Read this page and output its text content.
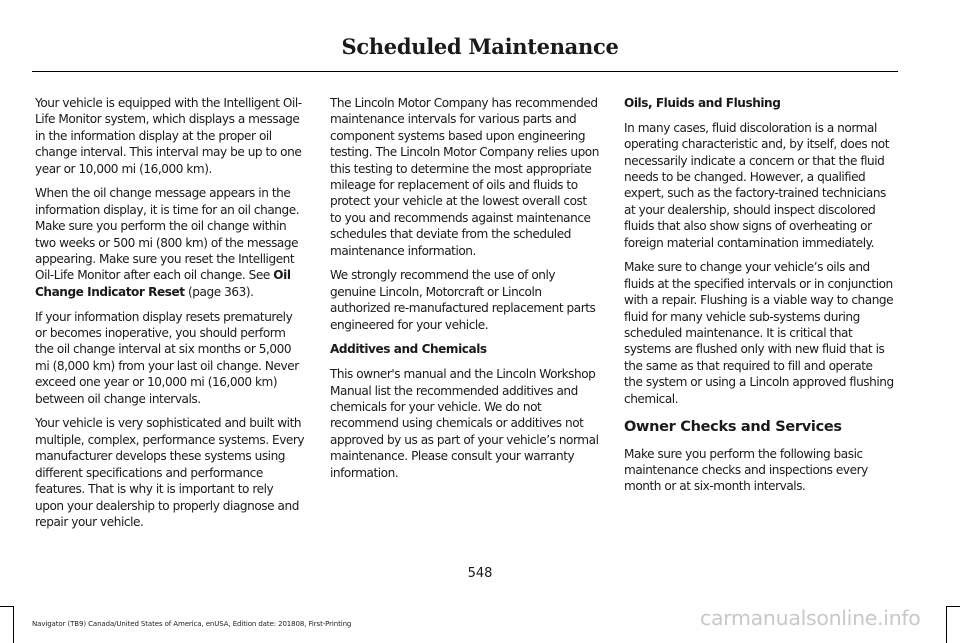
Scheduled Maintenance

Your vehicle is equipped with the Intelligent Oil-Life Monitor system, which displays a message in the information display at the proper oil change interval. This interval may be up to one year or 10,000 mi (16,000 km).

When the oil change message appears in the information display, it is time for an oil change. Make sure you perform the oil change within two weeks or 500 mi (800 km) of the message appearing. Make sure you reset the Intelligent Oil-Life Monitor after each oil change. See Oil Change Indicator Reset (page 363).

If your information display resets prematurely or becomes inoperative, you should perform the oil change interval at six months or 5,000 mi (8,000 km) from your last oil change. Never exceed one year or 10,000 mi (16,000 km) between oil change intervals.

Your vehicle is very sophisticated and built with multiple, complex, performance systems. Every manufacturer develops these systems using different specifications and performance features. That is why it is important to rely upon your dealership to properly diagnose and repair your vehicle.

The Lincoln Motor Company has recommended maintenance intervals for various parts and component systems based upon engineering testing. The Lincoln Motor Company relies upon this testing to determine the most appropriate mileage for replacement of oils and fluids to protect your vehicle at the lowest overall cost to you and recommends against maintenance schedules that deviate from the scheduled maintenance information.

We strongly recommend the use of only genuine Lincoln, Motorcraft or Lincoln authorized re-manufactured replacement parts engineered for your vehicle.

Additives and Chemicals

This owner's manual and the Lincoln Workshop Manual list the recommended additives and chemicals for your vehicle. We do not recommend using chemicals or additives not approved by us as part of your vehicle’s normal maintenance. Please consult your warranty information.

Oils, Fluids and Flushing

In many cases, fluid discoloration is a normal operating characteristic and, by itself, does not necessarily indicate a concern or that the fluid needs to be changed. However, a qualified expert, such as the factory-trained technicians at your dealership, should inspect discolored fluids that also show signs of overheating or foreign material contamination immediately.

Make sure to change your vehicle’s oils and fluids at the specified intervals or in conjunction with a repair. Flushing is a viable way to change fluid for many vehicle sub-systems during scheduled maintenance. It is critical that systems are flushed only with new fluid that is the same as that required to fill and operate the system or using a Lincoln approved flushing chemical.

Owner Checks and Services

Make sure you perform the following basic maintenance checks and inspections every month or at six-month intervals.

548
Navigator (TB9) Canada/United States of America, enUSA, Edition date: 201808, First-Printing	carmanualsonline.info
